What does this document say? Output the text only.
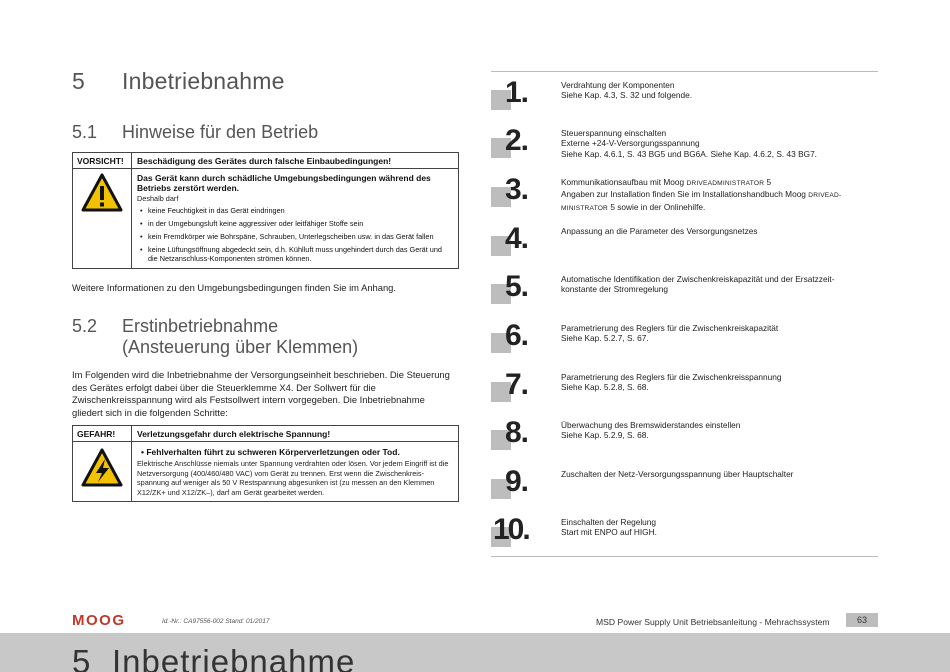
5 Inbetriebnahme
5.1 Hinweise für den Betrieb
VORSICHT!	Beschädigung des Gerätes durch falsche Einbaubedingungen!
Das Gerät kann durch schädliche Umgebungsbedingungen während des Betriebs zerstört werden.
Deshalb darf
• keine Feuchtigkeit in das Gerät eindringen
• in der Umgebungsluft keine aggressiver oder leitfähiger Stoffe sein
• kein Fremdkörper wie Bohrspäne, Schrauben, Unterlegscheiben usw. in das Gerät fallen
• keine Lüftungsöffnung abgedeckt sein, d.h. Kühlluft muss ungehindert durch das Gerät und die Netzanschluss-Komponenten strömen können.
Weitere Informationen zu den Umgebungsbedingungen finden Sie im Anhang.
5.2 Erstinbetriebnahme
(Ansteuerung über Klemmen)
Im Folgenden wird die Inbetriebnahme der Versorgungseinheit beschrieben. Die Steuerung des Gerätes erfolgt dabei über die Steuerklemme X4. Der Sollwert für die Zwischenkreisspannung wird als Festsollwert intern vorgegeben. Die Inbetriebnahme gliedert sich in die folgenden Schritte:
GEFAHR!	Verletzungsgefahr durch elektrische Spannung!
• Fehlverhalten führt zu schweren Körperverletzungen oder Tod.
Elektrische Anschlüsse niemals unter Spannung verdrahten oder lösen. Vor jedem Eingriff ist die Netzversorgung (400/460/480 VAC) vom Gerät zu trennen. Erst wenn die Zwischenkreis-spannung auf weniger als 50 V Restspannung abgesunken ist (zu messen an den Klemmen X12/ZK+ und X12/ZK–), darf am Gerät gearbeitet werden.
1.	Verdrahtung der Komponenten
Siehe Kap. 4.3, S. 32 und folgende.
2.	Steuerspannung einschalten
Externe +24-V-Versorgungsspannung
Siehe Kap. 4.6.1, S. 43 BG5 und BG6A. Siehe Kap. 4.6.2, S. 43 BG7.
3.	Kommunikationsaufbau mit Moog DRIVEADMINISTRATOR 5
Angaben zur Installation finden Sie im Installationshandbuch Moog DRIVEAD-
MINISTRATOR 5 sowie in der Onlinehilfe.
4.	Anpassung an die Parameter des Versorgungsnetzes
5.	Automatische Identifikation der Zwischenkreiskapazität und der Ersatzzeit-
konstante der Stromregelung
6.	Parametrierung des Reglers für die Zwischenkreiskapazität
Siehe Kap. 5.2.7, S. 67.
7.	Parametrierung des Reglers für die Zwischenkreisspannung
Siehe Kap. 5.2.8, S. 68.
8.	Überwachung des Bremswiderstandes einstellen
Siehe Kap. 5.2.9, S. 68.
9.	Zuschalten der Netz-Versorgungsspannung über Hauptschalter
10.	Einschalten der Regelung
Start mit ENPO auf HIGH.
MOOG	Id.-Nr.: CA97556-002 Stand: 01/2017	MSD Power Supply Unit Betriebsanleitung - Mehrachssystem	63
5 Inbetriebnahme
